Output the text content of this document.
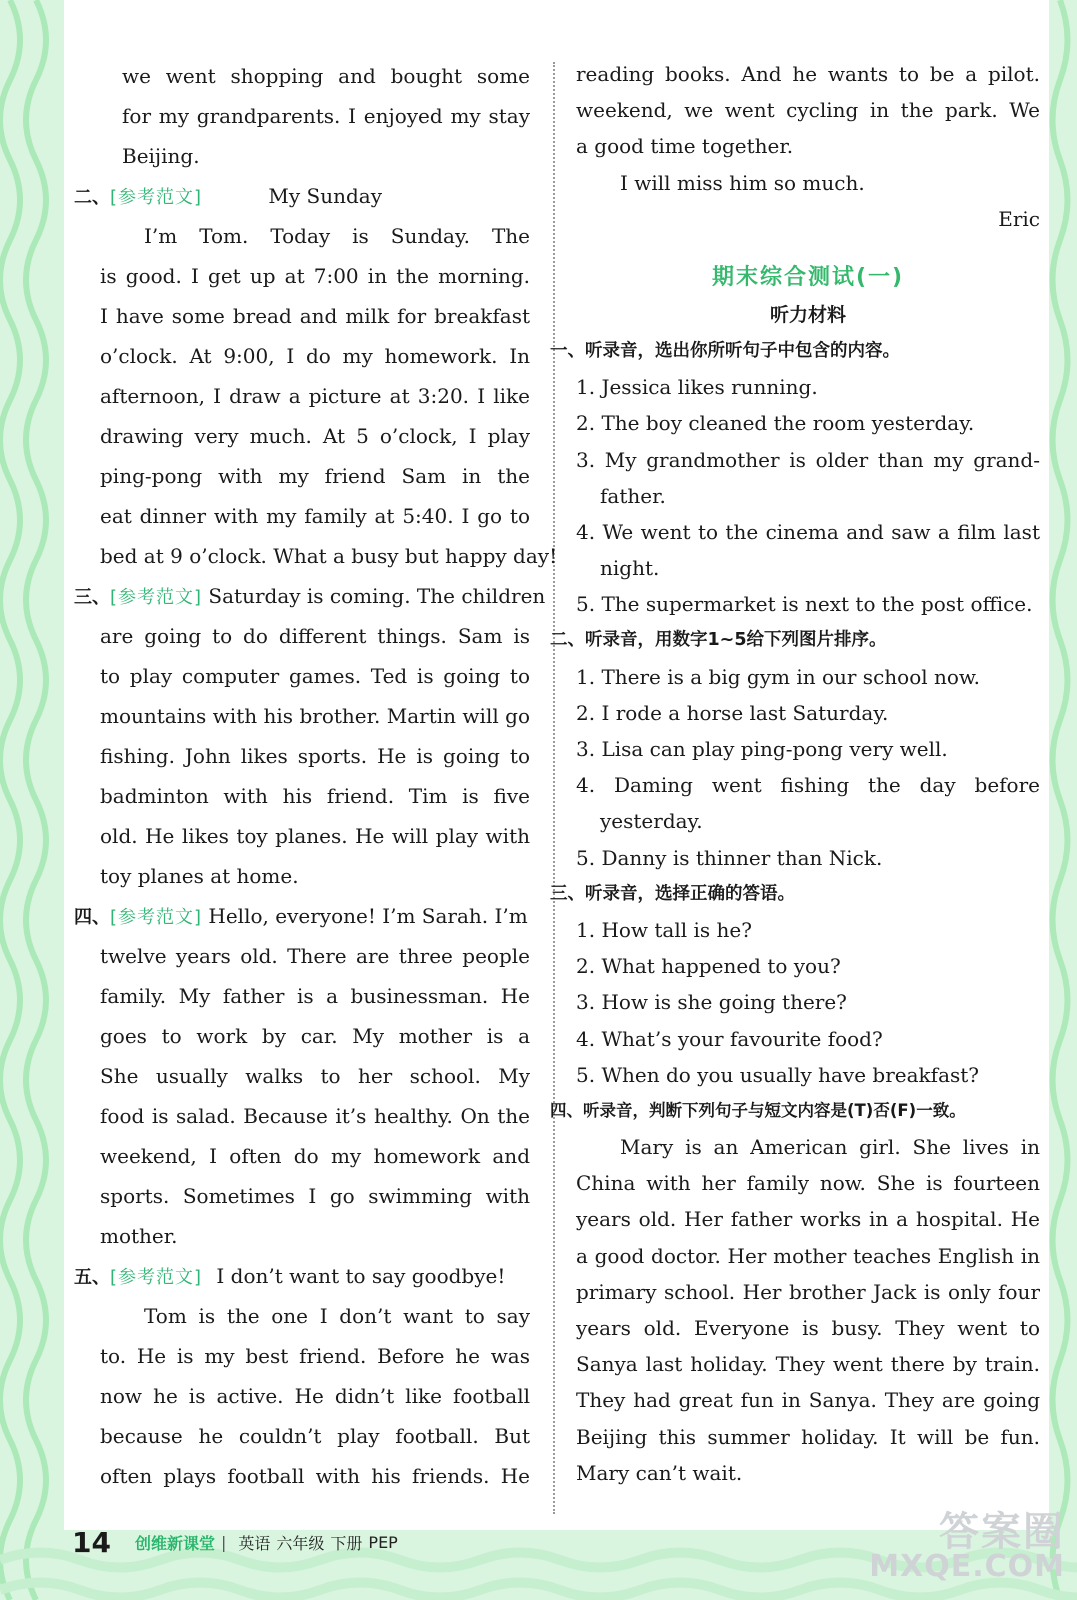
we went shopping and bought some
for my grandparents. I enjoyed my stay
Beijing.
二、[参考范文]	My Sunday
I’m Tom. Today is Sunday. The
is good. I get up at 7:00 in the morning.
I have some bread and milk for breakfast
o’clock. At 9:00, I do my homework. In
afternoon, I draw a picture at 3:20. I like
drawing very much. At 5 o’clock, I play
ping-pong with my friend Sam in the
eat dinner with my family at 5:40. I go to
bed at 9 o’clock. What a busy but happy day!
三、[参考范文] Saturday is coming. The children
are going to do different things. Sam is
to play computer games. Ted is going to
mountains with his brother. Martin will go
fishing. John likes sports. He is going to
badminton with his friend. Tim is five
old. He likes toy planes. He will play with
toy planes at home.
四、[参考范文] Hello, everyone! I’m Sarah. I’m
twelve years old. There are three people
family. My father is a businessman. He
goes to work by car. My mother is a
She usually walks to her school. My
food is salad. Because it’s healthy. On the
weekend, I often do my homework and
sports. Sometimes I go swimming with
mother.
五、[参考范文] I don’t want to say goodbye!
Tom is the one I don’t want to say
to. He is my best friend. Before he was
now he is active. He didn’t like football
because he couldn’t play football. But
often plays football with his friends. He
reading books. And he wants to be a pilot.
weekend, we went cycling in the park. We
a good time together.
I will miss him so much.
Eric
期末综合测试(一)
听力材料
一、听录音，选出你所听句子中包含的内容。
1. Jessica likes running.
2. The boy cleaned the room yesterday.
3. My grandmother is older than my grand-
father.
4. We went to the cinema and saw a film last
night.
5. The supermarket is next to the post office.
二、听录音，用数字1~5给下列图片排序。
1. There is a big gym in our school now.
2. I rode a horse last Saturday.
3. Lisa can play ping-pong very well.
4. Daming went fishing the day before
yesterday.
5. Danny is thinner than Nick.
三、听录音，选择正确的答语。
1. How tall is he?
2. What happened to you?
3. How is she going there?
4. What’s your favourite food?
5. When do you usually have breakfast?
四、听录音，判断下列句子与短文内容是(T)否(F)一致。
Mary is an American girl. She lives in
China with her family now. She is fourteen
years old. Her father works in a hospital. He
a good doctor. Her mother teaches English in
primary school. Her brother Jack is only four
years old. Everyone is busy. They went to
Sanya last holiday. They went there by train.
They had great fun in Sanya. They are going
Beijing this summer holiday. It will be fun.
Mary can’t wait.
14 创维新课堂 | 英语 六年级 下册 PEP	答案圈
MXQE.COM
